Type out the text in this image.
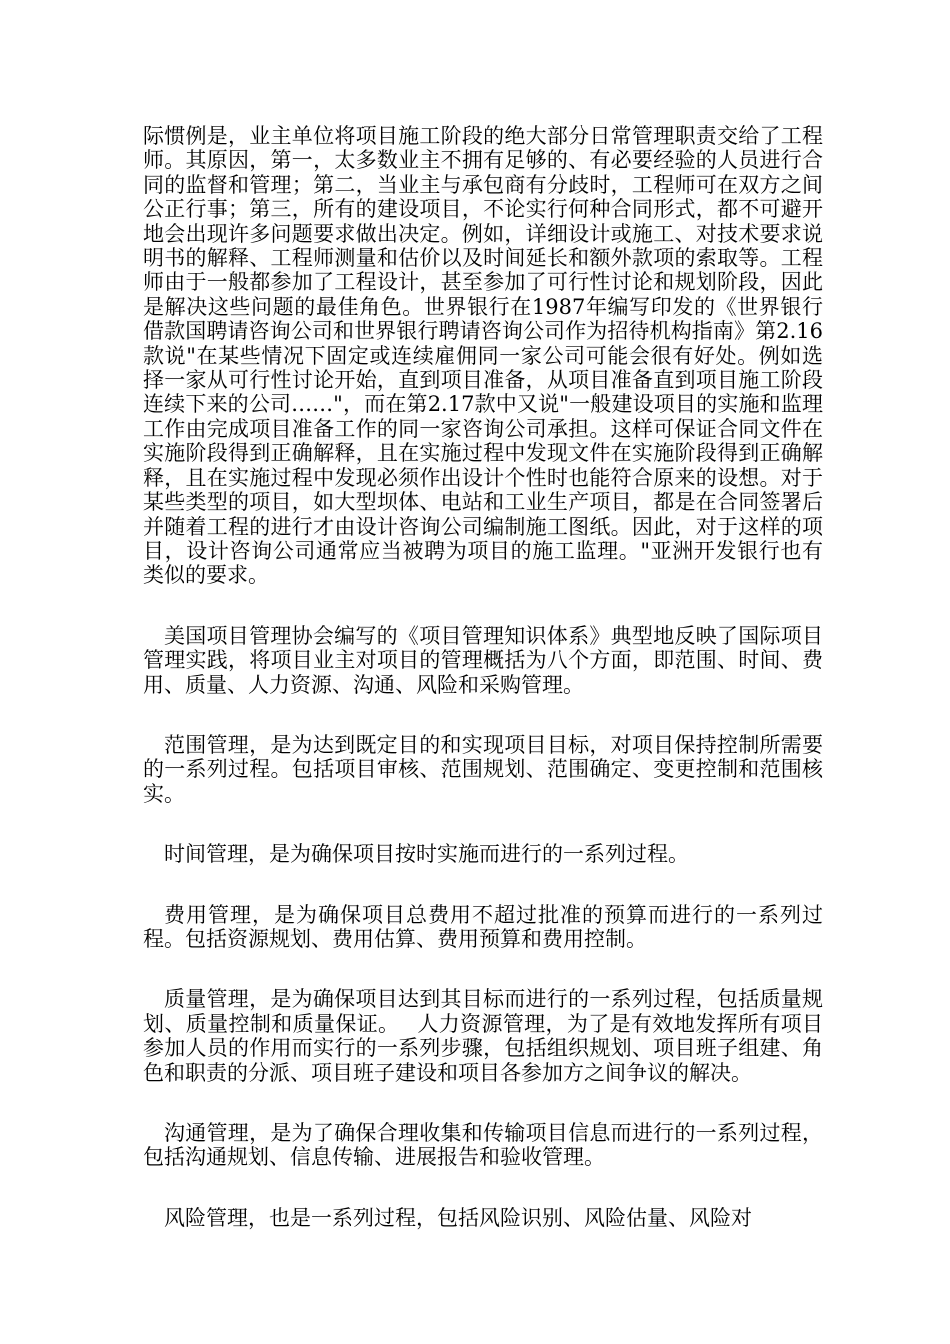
际惯例是，业主单位将项目施工阶段的绝大部分日常管理职责交给了工程师。其原因，第一，太多数业主不拥有足够的、有必要经验的人员进行合同的监督和管理；第二，当业主与承包商有分歧时，工程师可在双方之间公正行事；第三，所有的建设项目，不论实行何种合同形式，都不可避开地会出现许多问题要求做出决定。例如，详细设计或施工、对技术要求说明书的解释、工程师测量和估价以及时间延长和额外款项的索取等。工程师由于一般都参加了工程设计，甚至参加了可行性讨论和规划阶段，因此是解决这些问题的最佳角色。世界银行在1987年编写印发的《世界银行借款国聘请咨询公司和世界银行聘请咨询公司作为招待机构指南》第2.16款说"在某些情况下固定或连续雇佣同一家公司可能会很有好处。例如选择一家从可行性讨论开始，直到项目准备，从项目准备直到项目施工阶段连续下来的公司……"，而在第2.17款中又说"一般建设项目的实施和监理工作由完成项目准备工作的同一家咨询公司承担。这样可保证合同文件在实施阶段得到正确解释，且在实施过程中发现文件在实施阶段得到正确解释，且在实施过程中发现必须作出设计个性时也能符合原来的设想。对于某些类型的项目，如大型坝体、电站和工业生产项目，都是在合同签署后并随着工程的进行才由设计咨询公司编制施工图纸。因此，对于这样的项目，设计咨询公司通常应当被聘为项目的施工监理。"亚洲开发银行也有类似的要求。

美国项目管理协会编写的《项目管理知识体系》典型地反映了国际项目管理实践，将项目业主对项目的管理概括为八个方面，即范围、时间、费用、质量、人力资源、沟通、风险和采购管理。

范围管理，是为达到既定目的和实现项目目标，对项目保持控制所需要的一系列过程。包括项目审核、范围规划、范围确定、变更控制和范围核实。

时间管理，是为确保项目按时实施而进行的一系列过程。

费用管理，是为确保项目总费用不超过批准的预算而进行的一系列过程。包括资源规划、费用估算、费用预算和费用控制。

质量管理，是为确保项目达到其目标而进行的一系列过程，包括质量规划、质量控制和质量保证。　 人力资源管理，为了是有效地发挥所有项目参加人员的作用而实行的一系列步骤，包括组织规划、项目班子组建、角色和职责的分派、项目班子建设和项目各参加方之间争议的解决。

沟通管理，是为了确保合理收集和传输项目信息而进行的一系列过程，包括沟通规划、信息传输、进展报告和验收管理。

风险管理，也是一系列过程，包括风险识别、风险估量、风险对
